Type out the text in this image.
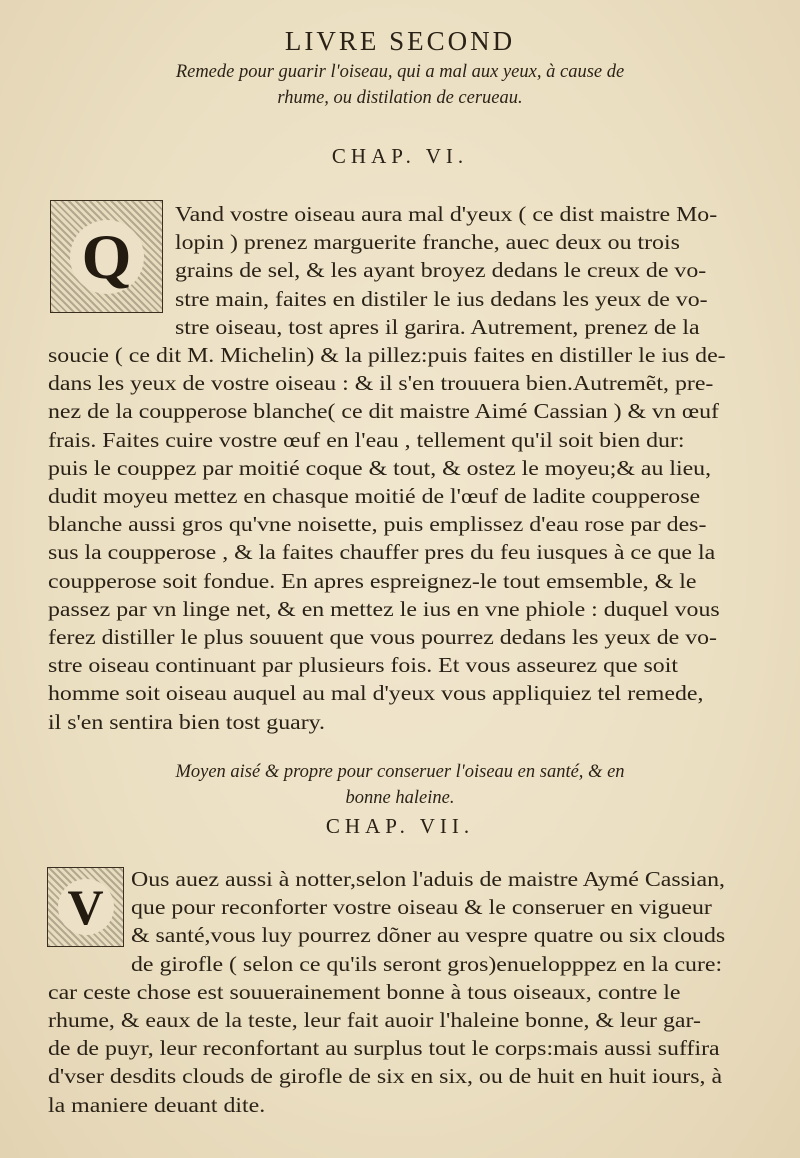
LIVRE SECOND
Remede pour guarir l'oiseau, qui a mal aux yeux, à cause de
rhume, ou distilation de cerueau.
CHAP. VI.
Q
Vand vostre oiseau aura mal d'yeux ( ce dist maistre Mo-
lopin ) prenez marguerite franche, auec deux ou trois
grains de sel, & les ayant broyez dedans le creux de vo-
stre main, faites en distiler le ius dedans les yeux de vo-
stre oiseau, tost apres il garira. Autrement, prenez de la
soucie ( ce dit M. Michelin) & la pillez:puis faites en distiller le ius de-
dans les yeux de vostre oiseau : & il s'en trouuera bien.Autremẽt, pre-
nez de la coupperose blanche( ce dit maistre Aimé Cassian ) & vn œuf
frais. Faites cuire vostre œuf en l'eau , tellement qu'il soit bien dur:
puis le couppez par moitié coque & tout, & ostez le moyeu;& au lieu,
dudit moyeu mettez en chasque moitié de l'œuf de ladite coupperose
blanche aussi gros qu'vne noisette, puis emplissez d'eau rose par des-
sus la coupperose , & la faites chauffer pres du feu iusques à ce que la
coupperose soit fondue. En apres espreignez-le tout emsemble, & le
passez par vn linge net, & en mettez le ius en vne phiole : duquel vous
ferez distiller le plus souuent que vous pourrez dedans les yeux de vo-
stre oiseau continuant par plusieurs fois. Et vous asseurez que soit
homme soit oiseau auquel au mal d'yeux vous appliquiez tel remede,
il s'en sentira bien tost guary.
Moyen aisé & propre pour conseruer l'oiseau en santé, & en
bonne haleine.
CHAP. VII.
V	Ous auez aussi à notter,selon l'aduis de maistre Aymé Cassian,
que pour reconforter vostre oiseau & le conseruer en vigueur
& santé,vous luy pourrez dõner au vespre quatre ou six clouds
de girofle ( selon ce qu'ils seront gros)enuelopppez en la cure:
car ceste chose est souuerainement bonne à tous oiseaux, contre le
rhume, & eaux de la teste, leur fait auoir l'haleine bonne, & leur gar-
de de puyr, leur reconfortant au surplus tout le corps:mais aussi suffira
d'vser desdits clouds de girofle de six en six, ou de huit en huit iours, à
la maniere deuant dite.
